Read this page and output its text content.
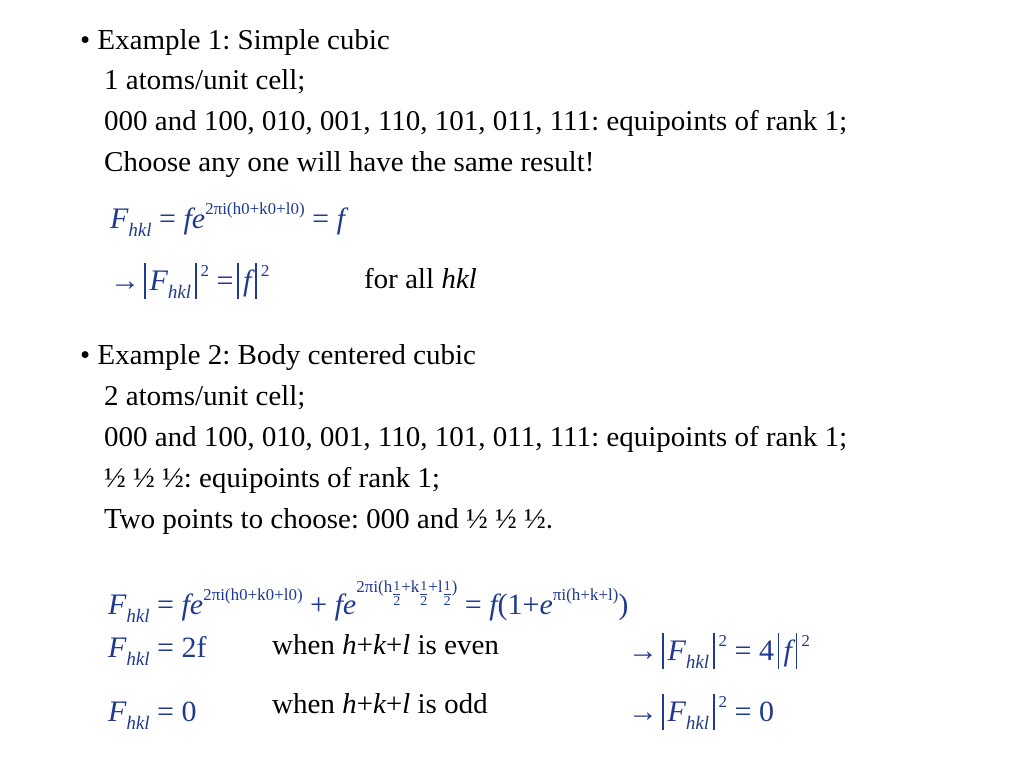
• Example 1: Simple cubic
1 atoms/unit cell;
000 and 100, 010, 001, 110, 101, 011, 111: equipoints of rank 1;
Choose any one will have the same result!
$F_{hkl} = fe^{2\pi i(h0+k0+l0)} = f$
→ $F_{hkl}^2 = f$ $^2$	for all hkl
• Example 2: Body centered cubic
2 atoms/unit cell;
000 and 100, 010, 001, 110, 101, 011, 111: equipoints of rank 1;
½ ½ ½: equipoints of rank 1;
Two points to choose: 000 and ½ ½ ½.
$F_{hkl} = fe^{2\pi i(h0+k0+l0)} + fe^{2\pi i(h \frac{1}{2} +k \frac{1}{2} +l \frac{1}{2} )} = f(1+e^{\pi i(h+k+l)})$
$F_{hkl} = 2f$ when h+k+l is even	→ $F_{hkl}^2 = 4$ f $^2$
$F_{hkl} = 0$	when h+k+l is odd	→ $F_{hkl}^2 = 0$
